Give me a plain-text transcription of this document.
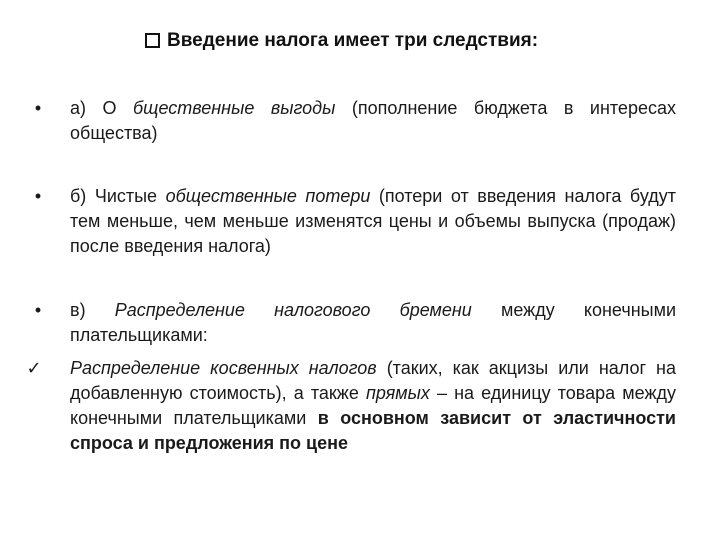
Введение налога имеет три следствия:
•	а) О бщественные выгоды (пополнение бюджета в интересах общества)
•	б) Чистые общественные потери (потери от введения налога будут тем меньше, чем меньше изменятся цены и объемы выпуска (продаж) после введения налога)
•	в) Распределение налогового бремени между конечными плательщиками:
✓ Распределение косвенных налогов (таких, как акцизы или налог на добавленную стоимость), а также прямых – на единицу товара между конечными плательщиками в основном зависит от эластичности спроса и предложения по цене
